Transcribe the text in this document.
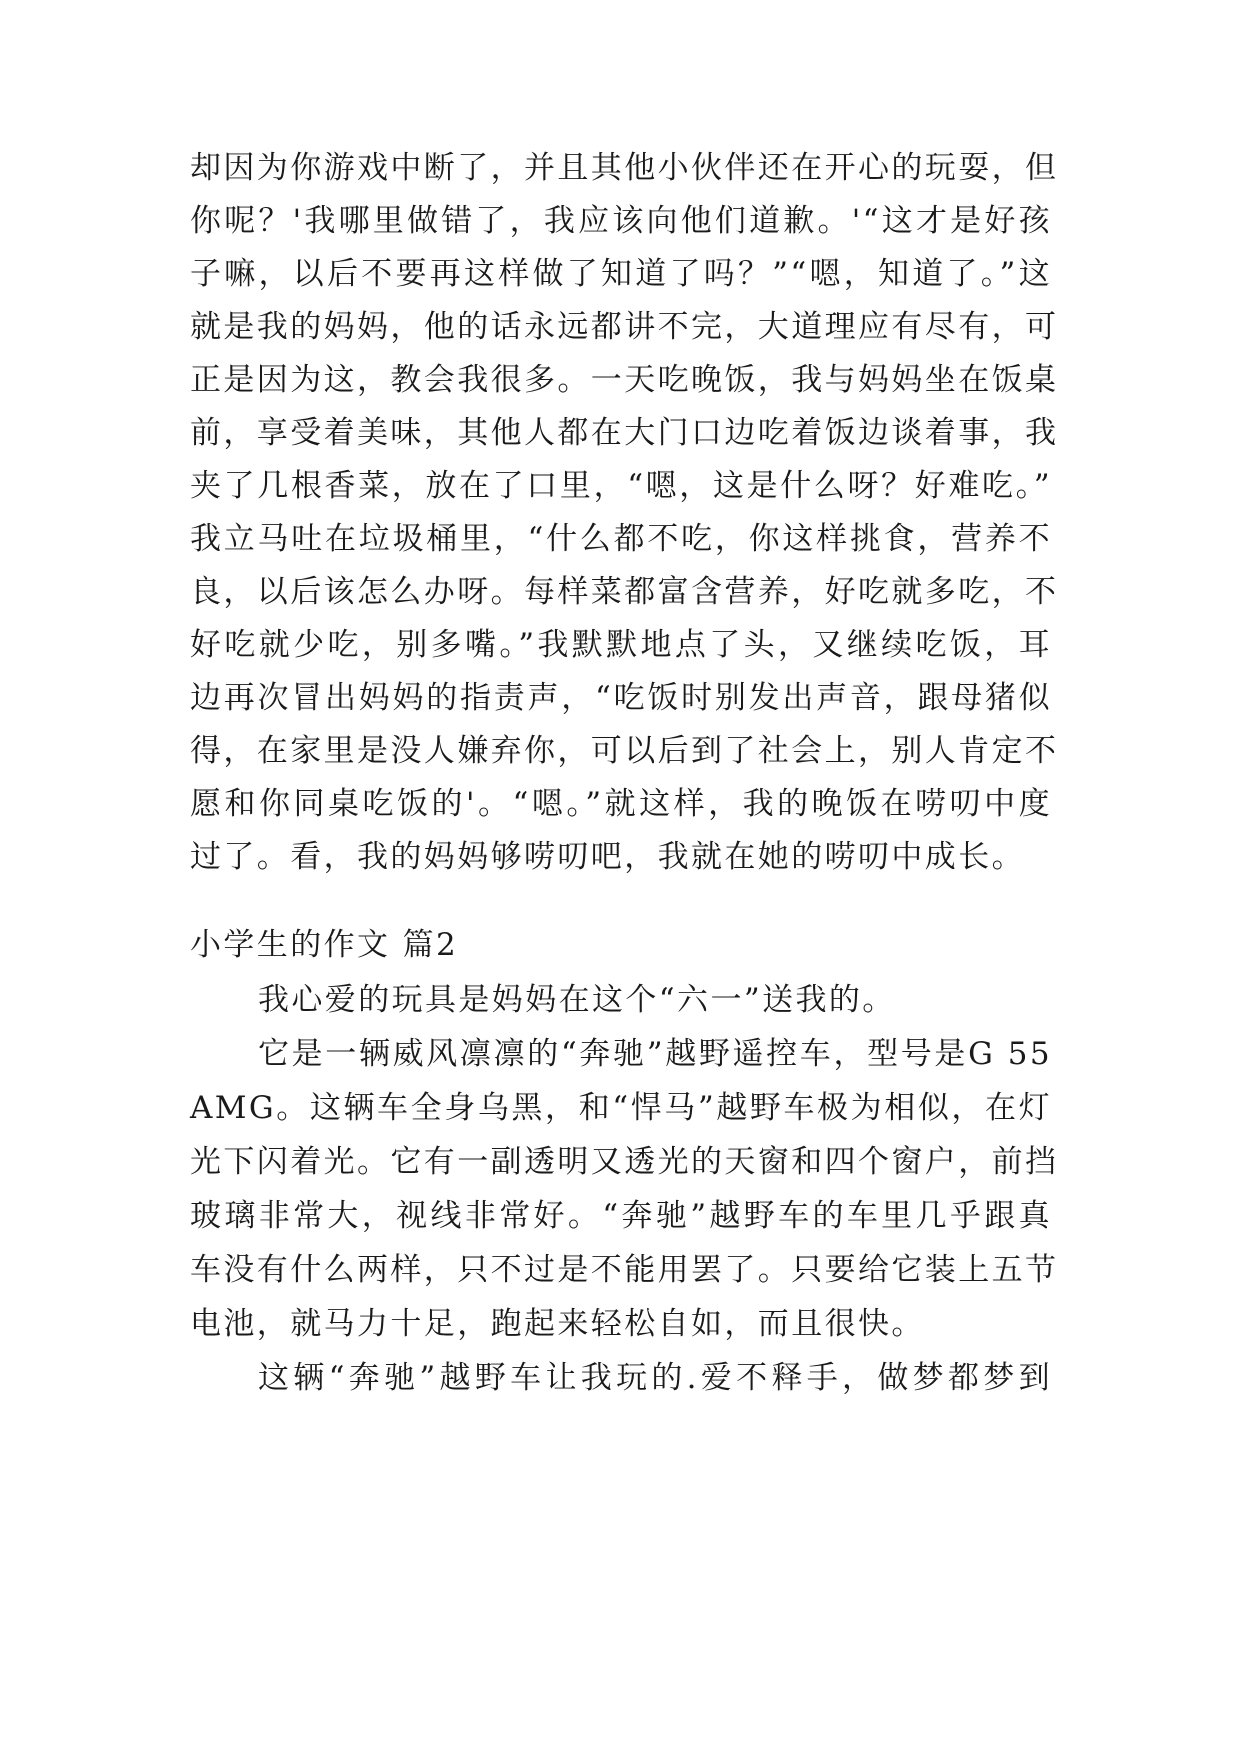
却因为你游戏中断了，并且其他小伙伴还在开心的玩耍，但
你呢？'我哪里做错了，我应该向他们道歉。'“这才是好孩
子嘛，以后不要再这样做了知道了吗？”“嗯，知道了。”这
就是我的妈妈，他的话永远都讲不完，大道理应有尽有，可
正是因为这，教会我很多。一天吃晚饭，我与妈妈坐在饭桌
前，享受着美味，其他人都在大门口边吃着饭边谈着事，我
夹了几根香菜，放在了口里，“嗯，这是什么呀？好难吃。”
我立马吐在垃圾桶里，“什么都不吃，你这样挑食，营养不
良，以后该怎么办呀。每样菜都富含营养，好吃就多吃，不
好吃就少吃，别多嘴。”我默默地点了头，又继续吃饭，耳
边再次冒出妈妈的指责声，“吃饭时别发出声音，跟母猪似
得，在家里是没人嫌弃你，可以后到了社会上，别人肯定不
愿和你同桌吃饭的'。“嗯。”就这样，我的晚饭在唠叨中度
过了。看，我的妈妈够唠叨吧，我就在她的唠叨中成长。
小学生的作文 篇2
我心爱的玩具是妈妈在这个“六一”送我的。
它是一辆威风凛凛的“奔驰”越野遥控车，型号是G 55
AMG。这辆车全身乌黑，和“悍马”越野车极为相似，在灯
光下闪着光。它有一副透明又透光的天窗和四个窗户，前挡
玻璃非常大，视线非常好。“奔驰”越野车的车里几乎跟真
车没有什么两样，只不过是不能用罢了。只要给它装上五节
电池，就马力十足，跑起来轻松自如，而且很快。
这辆“奔驰”越野车让我玩的.爱不释手，做梦都梦到
